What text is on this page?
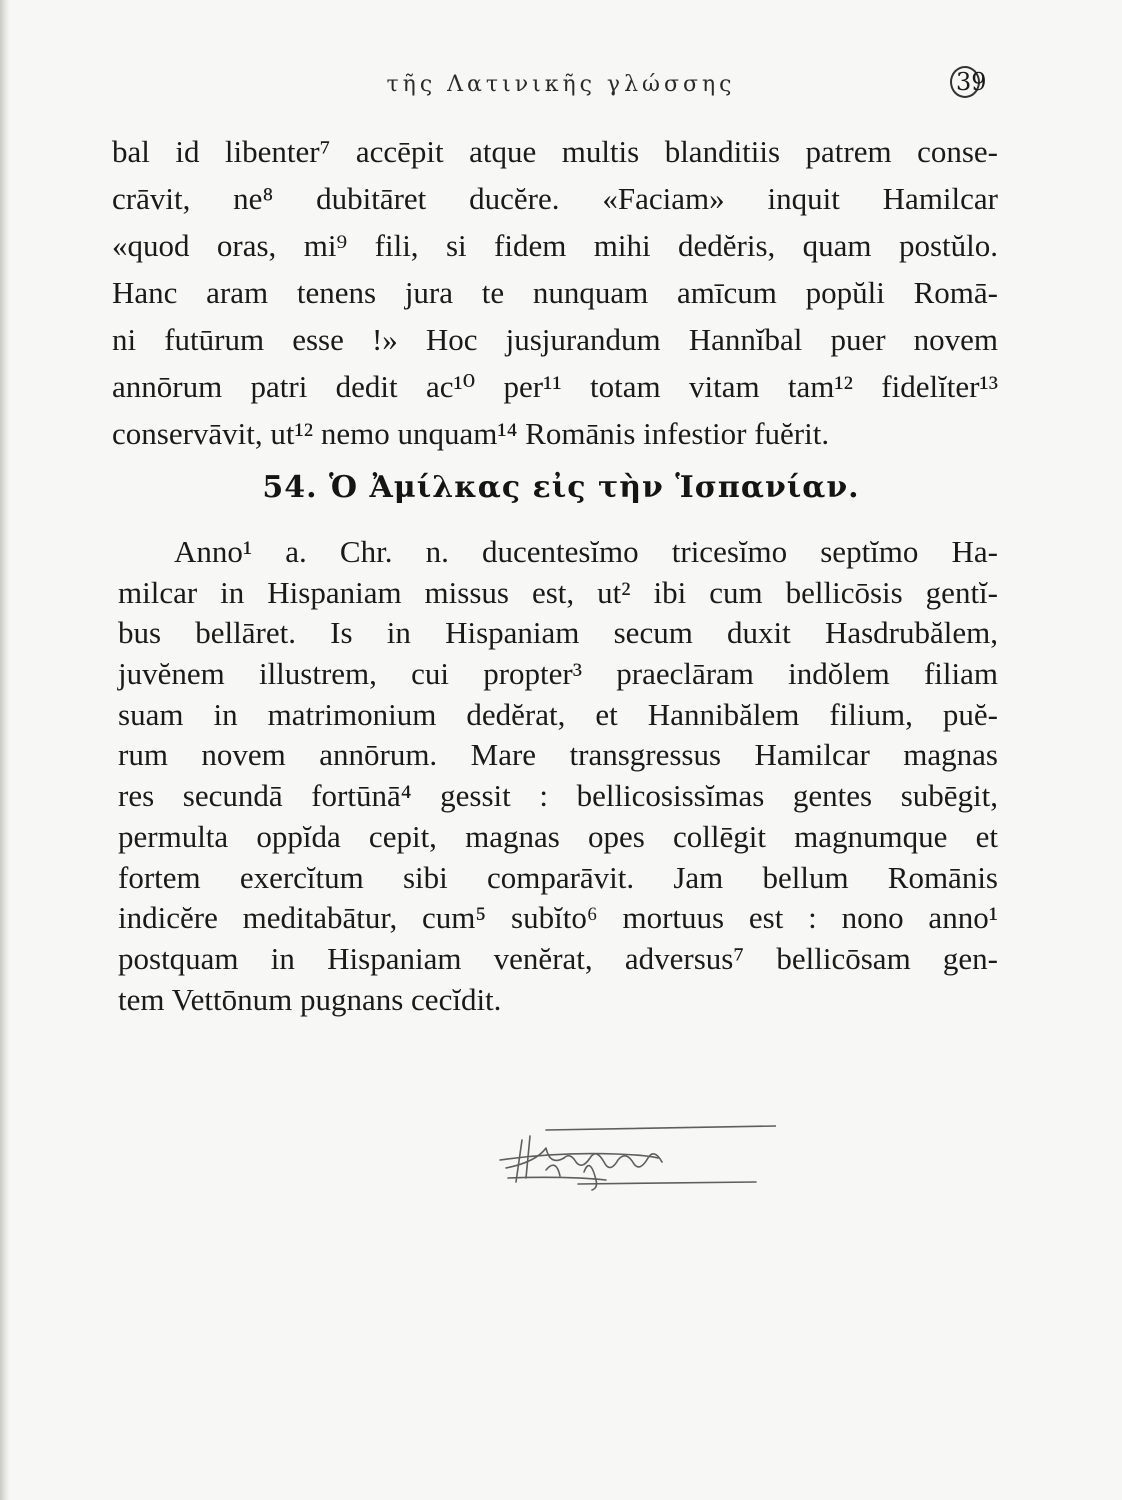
τῆς Λατινικῆς γλώσσης	39
bal id libenter⁷ accēpit atque multis blanditiis patrem conse-
crāvit, ne⁸ dubitāret ducĕre. «Faciam» inquit Hamilcar
«quod oras, mi⁹ fili, si fidem mihi dedĕris, quam postŭlo.
Hanc aram tenens jura te nunquam amīcum popŭli Romā-
ni futūrum esse !» Hoc jusjurandum Hannĭbal puer novem
annōrum patri dedit ac¹⁰ per¹¹ totam vitam tam¹² fidelĭter¹³
conservāvit, ut¹² nemo unquam¹⁴ Romānis infestior fuĕrit.
54. Ὁ Ἀμίλκας εἰς τὴν Ἱσπανίαν.
Anno¹ a. Chr. n. ducentesĭmo tricesĭmo septĭmo Ha-
milcar in Hispaniam missus est, ut² ibi cum bellicōsis gentĭ-
bus bellāret. Is in Hispaniam secum duxit Hasdrubălem,
juvĕnem illustrem, cui propter³ praeclāram indŏlem filiam
suam in matrimonium dedĕrat, et Hannibălem filium, puĕ-
rum novem annōrum. Mare transgressus Hamilcar magnas
res secundā fortūnā⁴ gessit : bellicosissĭmas gentes subēgit,
permulta oppĭda cepit, magnas opes collēgit magnumque et
fortem exercĭtum sibi comparāvit. Jam bellum Romānis
indicĕre meditabātur, cum⁵ subĭto⁶ mortuus est : nono anno¹
postquam in Hispaniam venĕrat, adversus⁷ bellicōsam gen-
tem Vettōnum pugnans cecĭdit.
